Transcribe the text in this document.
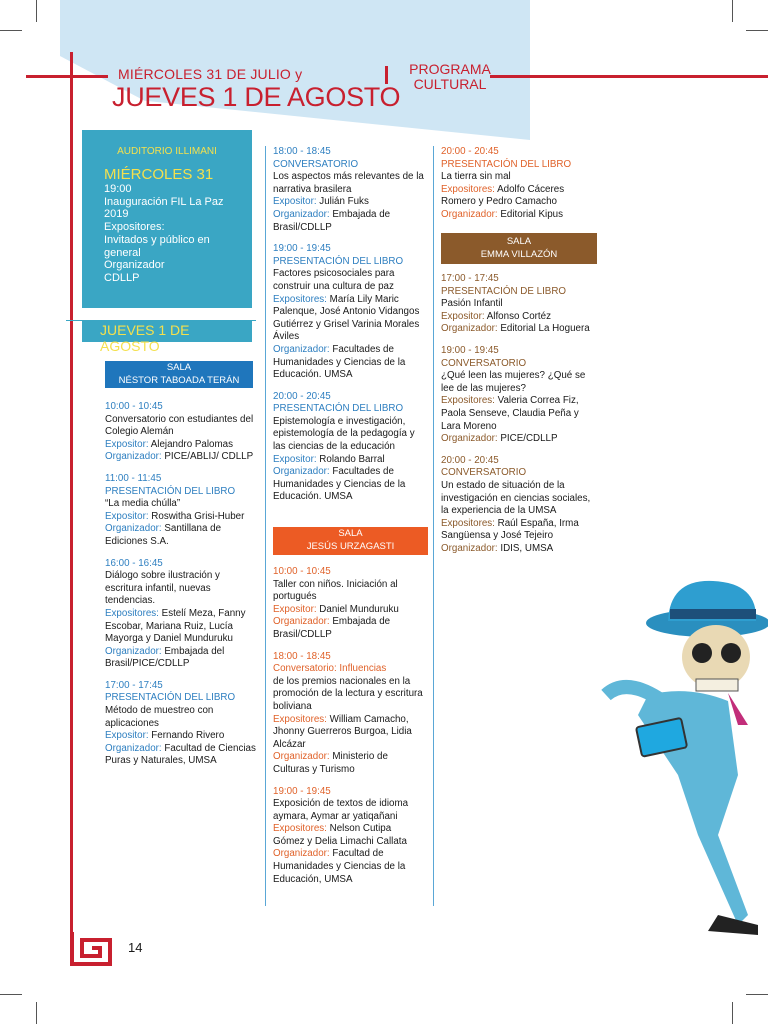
MIÉRCOLES 31 DE JULIO y
JUEVES 1 DE AGOSTO
PROGRAMA
CULTURAL
AUDITORIO ILLIMANI
MIÉRCOLES 31
19:00
Inauguración FIL La Paz 2019
Expositores:
Invitados y público en general
Organizador
CDLLP
JUEVES 1 DE AGOSTO
SALA
NÉSTOR TABOADA TERÁN
SALA
JESÚS URZAGASTI
SALA
EMMA VILLAZÓN
10:00 - 10:45
Conversatorio con estudiantes del Colegio Alemán
Expositor: Alejandro Palomas
Organizador: PICE/ABLIJ/ CDLLP
11:00 - 11:45
PRESENTACIÓN DEL LIBRO
“La media chúlla”
Expositor: Roswitha Grisi-Huber
Organizador: Santillana de Ediciones S.A.
16:00 - 16:45
Diálogo sobre ilustración y escritura infantil, nuevas tendencias.
Expositores: Estelí Meza, Fanny Escobar, Mariana Ruiz, Lucía Mayorga y Daniel Munduruku
Organizador: Embajada del Brasil/PICE/CDLLP
17:00 - 17:45
PRESENTACIÓN DEL LIBRO
Método de muestreo con aplicaciones
Expositor: Fernando Rivero
Organizador: Facultad de Ciencias Puras y Naturales, UMSA
18:00 - 18:45
CONVERSATORIO
Los aspectos más relevantes de la narrativa brasilera
Expositor: Julián Fuks
Organizador: Embajada de Brasil/CDLLP
19:00 - 19:45
PRESENTACIÓN DEL LIBRO
Factores psicosociales para construir una cultura de paz
Expositores: María Lily Maric Palenque, José Antonio Vidangos Gutiérrez y Grisel Varinia Morales Áviles
Organizador: Facultades de Humanidades y Ciencias de la Educación. UMSA
20:00 - 20:45
PRESENTACIÓN DEL LIBRO
Epistemología e investigación, epistemología de la pedagogía y las ciencias de la educación
Expositor: Rolando Barral
Organizador: Facultades de Humanidades y Ciencias de la Educación. UMSA
10:00 - 10:45
Taller con niños. Iniciación al portugués
Expositor: Daniel Munduruku
Organizador: Embajada de Brasil/CDLLP
18:00 - 18:45
Conversatorio: Influencias
de los premios nacionales en la promoción de la lectura y escritura boliviana
Expositores: William Camacho, Jhonny Guerreros Burgoa, Lidia Alcázar
Organizador: Ministerio de Culturas y Turismo
19:00 - 19:45
Exposición de textos de idioma aymara, Aymar ar yatiqañani
Expositores: Nelson Cutipa Gómez y Delia Limachi Callata
Organizador: Facultad de Humanidades y Ciencias de la Educación, UMSA
20:00 - 20:45
PRESENTACIÓN DEL LIBRO
La tierra sin mal
Expositores: Adolfo Cáceres Romero y Pedro Camacho
Organizador: Editorial Kipus
17:00 - 17:45
PRESENTACIÓN DE LIBRO
Pasión Infantil
Expositor: Alfonso Cortéz
Organizador: Editorial La Hoguera
19:00 - 19:45
CONVERSATORIO
¿Qué leen las mujeres? ¿Qué se lee de las mujeres?
Expositores: Valeria Correa Fiz, Paola Senseve, Claudia Peña y Lara Moreno
Organizador: PICE/CDLLP
20:00 - 20:45
CONVERSATORIO
Un estado de situación de la investigación en ciencias sociales, la experiencia de la UMSA
Expositores: Raúl España, Irma Sangüensa y José Tejeiro
Organizador: IDIS, UMSA
14
